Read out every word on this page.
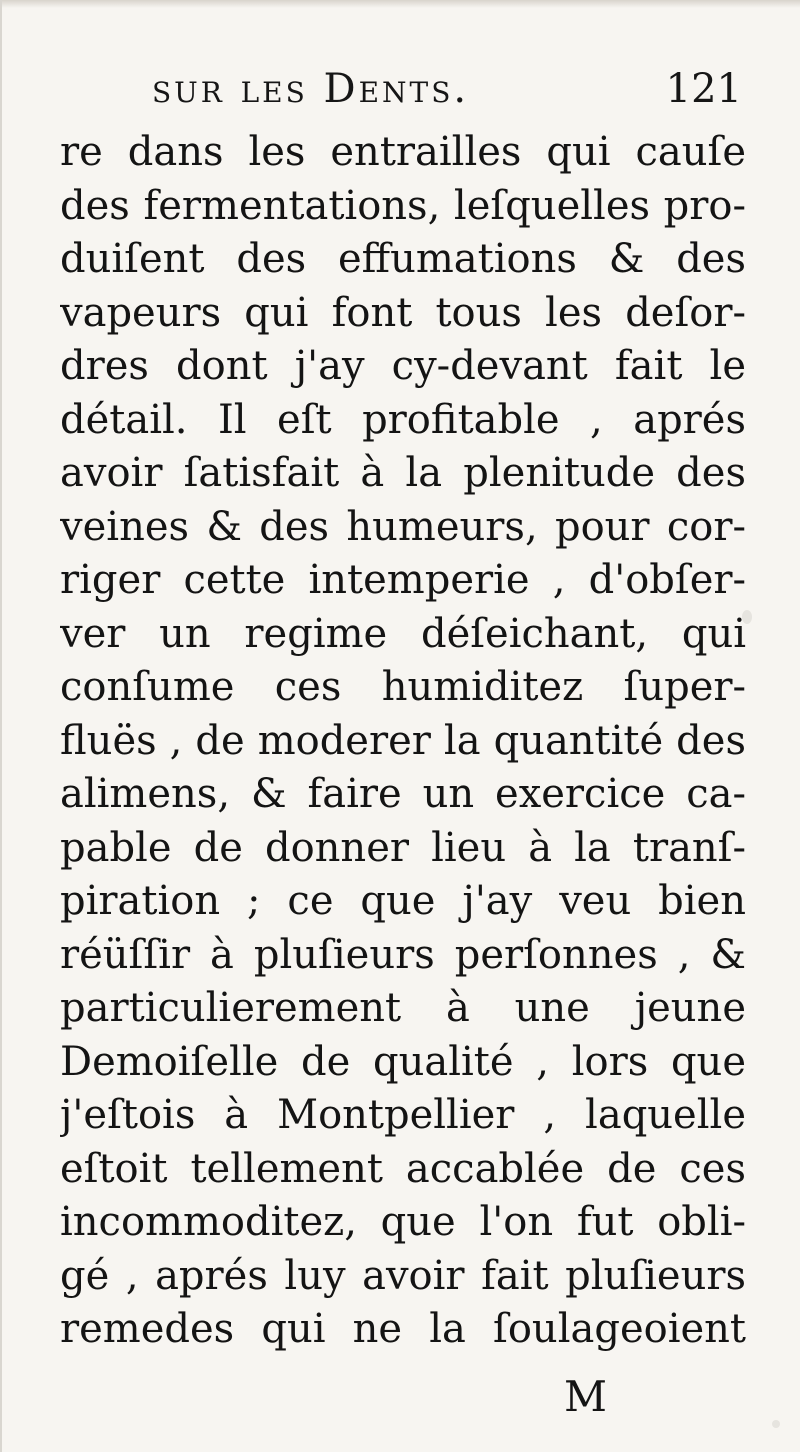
sur les Dents.	121
re dans les entrailles qui cauſe
des fermentations, leſquelles pro-
duiſent des effumations & des
vapeurs qui font tous les deſor-
dres dont j'ay cy-devant fait le
détail. Il eſt profitable , aprés
avoir ſatisfait à la plenitude des
veines & des humeurs, pour cor-
riger cette intemperie , d'obſer-
ver un regime déſeichant, qui
conſume ces humiditez ſuper-
fluës , de moderer la quantité des
alimens, & faire un exercice ca-
pable de donner lieu à la tranſ-
piration ; ce que j'ay veu bien
réüſſir à pluſieurs perſonnes , &
particulierement à une jeune
Demoiſelle de qualité , lors que
j'eſtois à Montpellier , laquelle
eſtoit tellement accablée de ces
incommoditez, que l'on fut obli-
gé , aprés luy avoir fait pluſieurs
remedes qui ne la ſoulageoient
M
